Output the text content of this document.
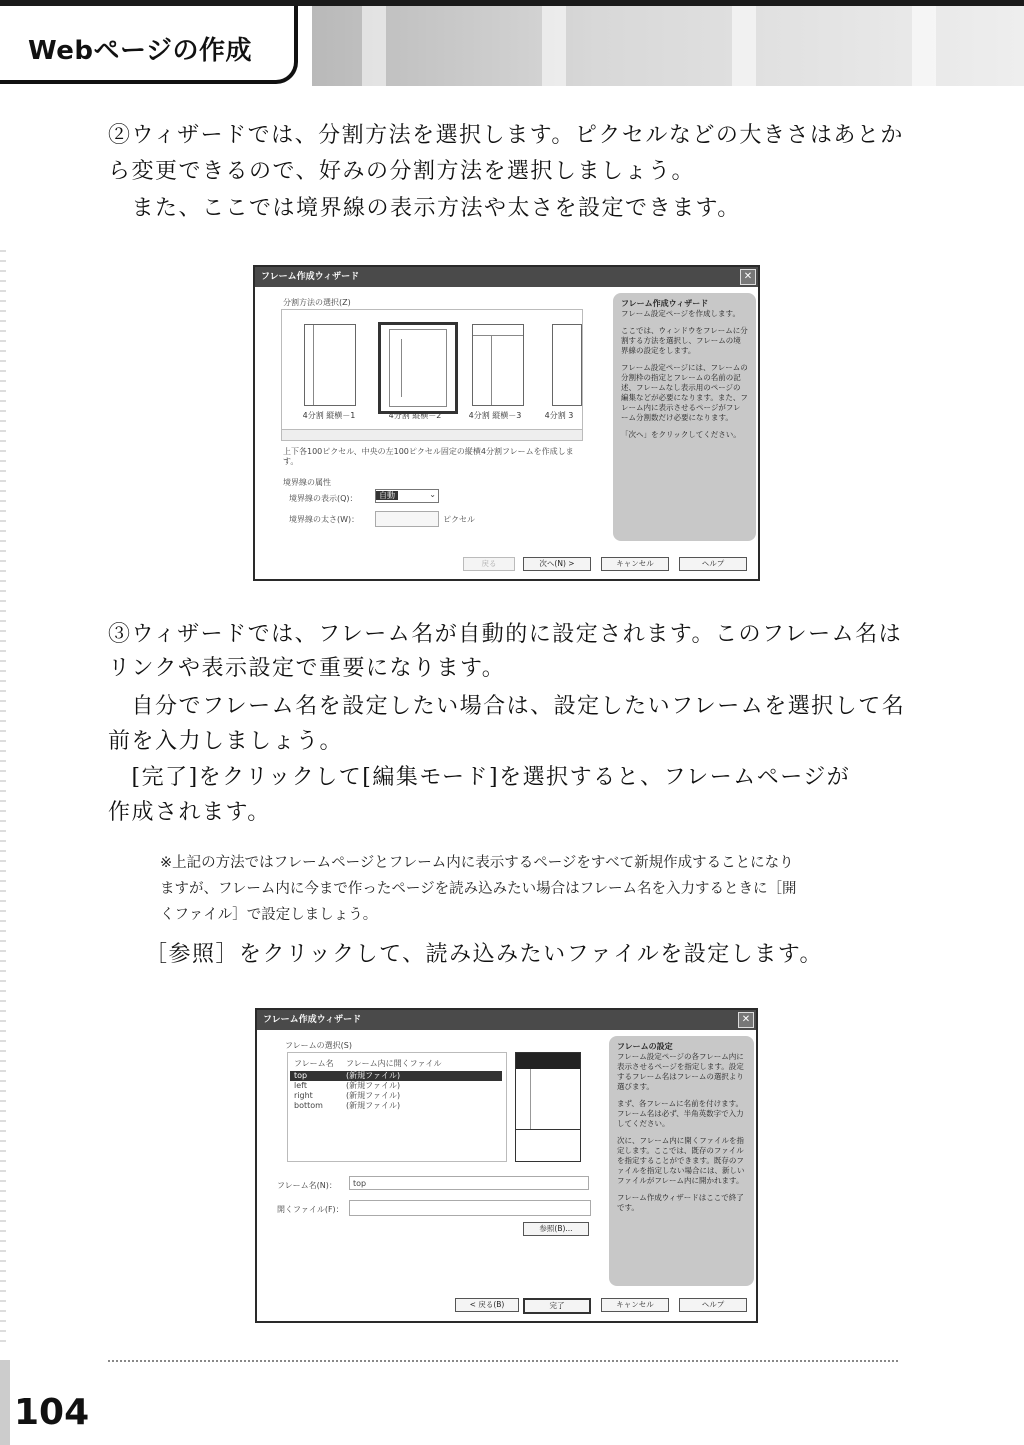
Webページの作成

②ウィザードでは、分割方法を選択します。ピクセルなどの大きさはあとか

ら変更できるので、好みの分割方法を選択しましょう。

　また、ここでは境界線の表示方法や太さを設定できます。

フレーム作成ウィザード	✕
分割方法の選択(Z)
4分割 縦横－1	4分割 縦横－2	4分割 縦横－3	4分割 3
上下各100ピクセル、中央の左100ピクセル固定の縦横4分割フレームを作成します。
境界線の属性
境界線の表示(Q)：	自動	⌄
境界線の太さ(W)：	ピクセル
戻る	次へ(N) >	キャンセル	ヘルプ
フレーム作成ウィザード

フレーム設定ページを作成します。

ここでは、ウィンドウをフレームに分割する方法を選択し、フレームの境界線の設定をします。

フレーム設定ページには、フレームの分割枠の指定とフレームの名前の記述、フレームなし表示用のページの編集などが必要になります。また、フレーム内に表示させるページがフレーム分割数だけ必要になります。

「次へ」をクリックしてください。

③ウィザードでは、フレーム名が自動的に設定されます。このフレーム名は

リンクや表示設定で重要になります。

　自分でフレーム名を設定したい場合は、設定したいフレームを選択して名

前を入力しましょう。

　[完了]をクリックして[編集モード]を選択すると、フレームページが

作成されます。

※上記の方法ではフレームページとフレーム内に表示するページをすべて新規作成することになり
ますが、フレーム内に今まで作ったページを読み込みたい場合はフレーム名を入力するときに［開
くファイル］で設定しましょう。

［参照］をクリックして、読み込みたいファイルを設定します。

フレーム作成ウィザード	✕
フレームの選択(S)
フレーム名 フレーム内に開くファイル
top	(新規ファイル)
left	(新規ファイル)
right	(新規ファイル)
bottom	(新規ファイル)
フレーム名(N)：	top
開くファイル(F)：
参照(B)...
< 戻る(B)	完了	キャンセル	ヘルプ
フレームの設定

フレーム設定ページの各フレーム内に表示させるページを指定します。設定するフレーム名はフレームの選択より選びます。

まず、各フレームに名前を付けます。フレーム名は必ず、半角英数字で入力してください。

次に、フレーム内に開くファイルを指定します。ここでは、既存のファイルを指定することができます。既存のファイルを指定しない場合には、新しいファイルがフレーム内に開かれます。

フレーム作成ウィザードはここで終了です。

104
